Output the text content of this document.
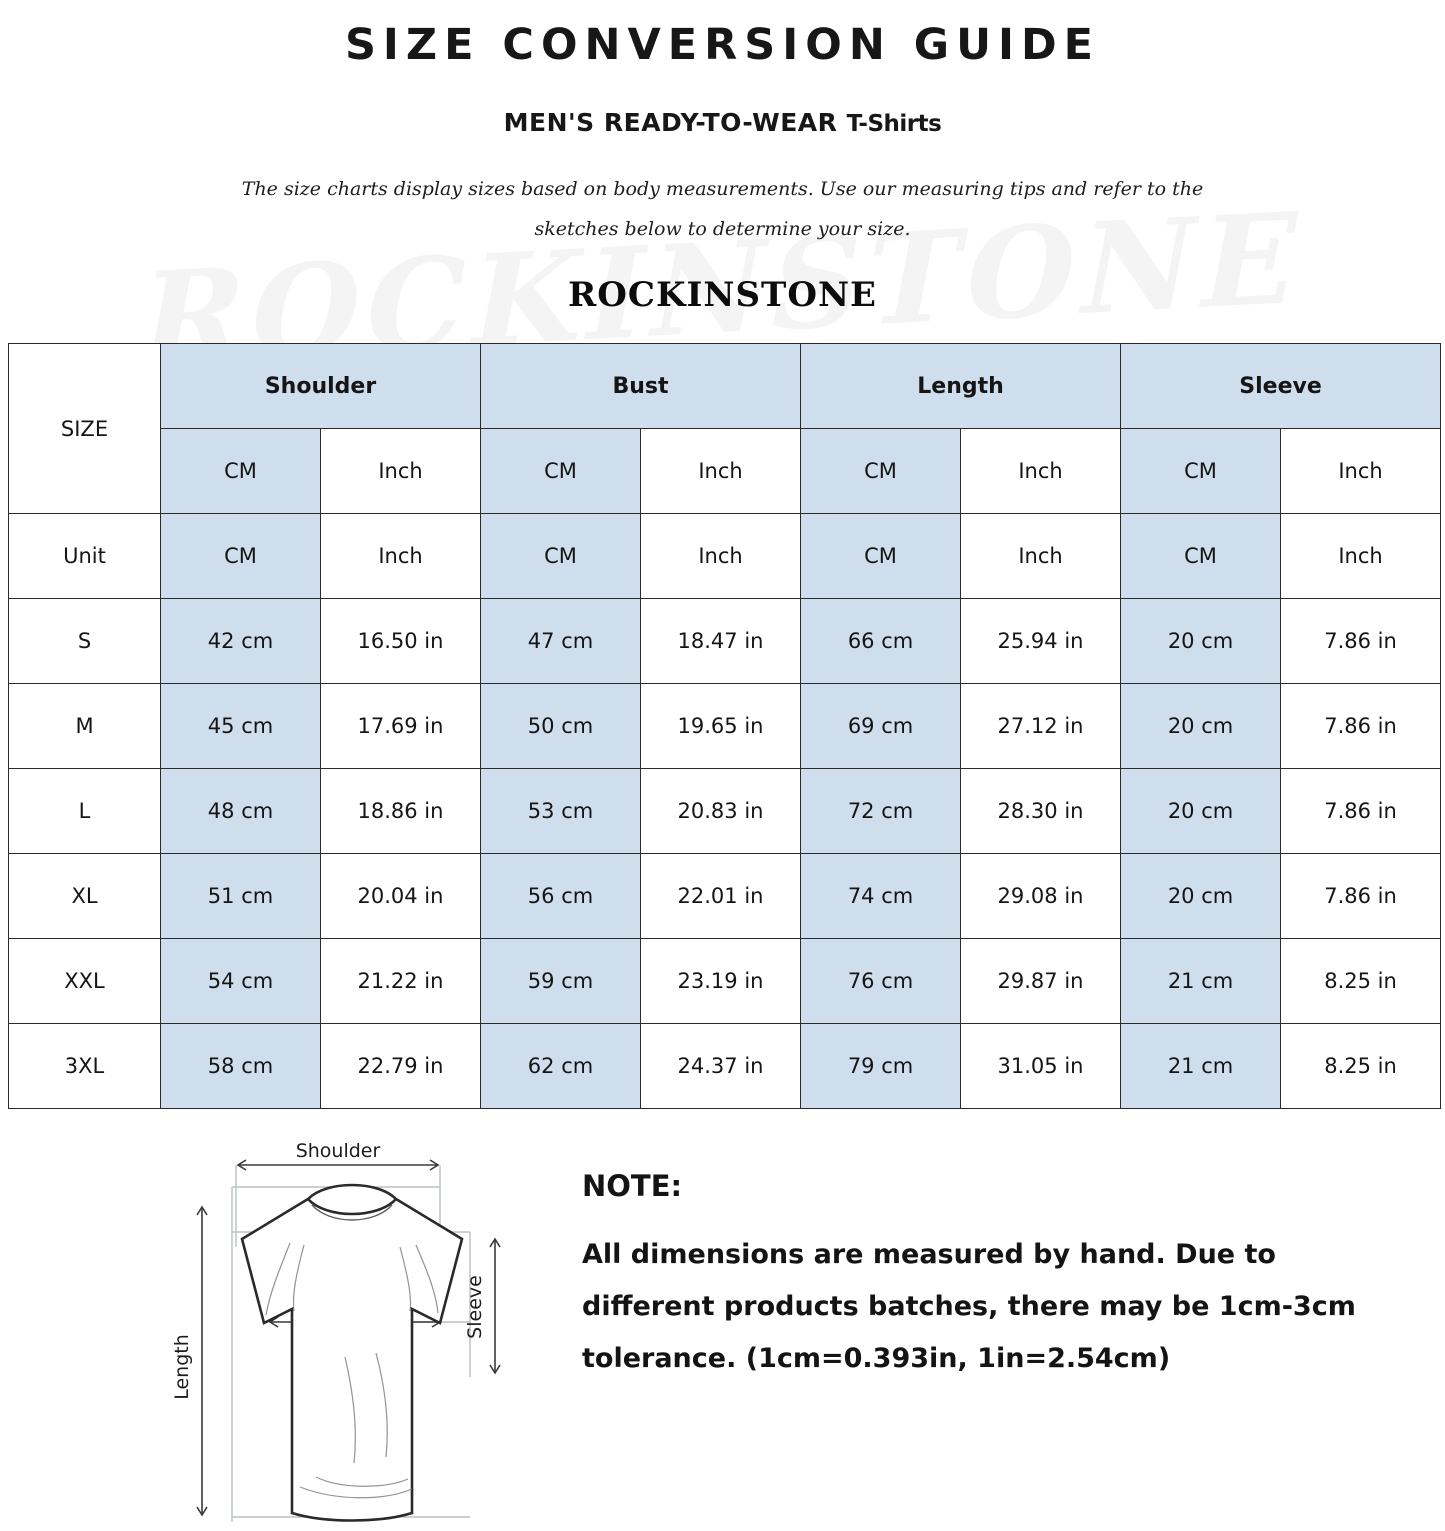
SIZE CONVERSION GUIDE
MEN'S READY-TO-WEAR T-Shirts
The size charts display sizes based on body measurements. Use our measuring tips and refer to the sketches below to determine your size.
ROCKINSTONE
SIZE	Shoulder		Bust		Length		Sleeve	
	CM	Inch	CM	Inch	CM	Inch	CM	Inch
Unit	CM	Inch	CM	Inch	CM	Inch	CM	Inch
S	42 cm	16.50 in	47 cm	18.47 in	66 cm	25.94 in	20 cm	7.86 in
M	45 cm	17.69 in	50 cm	19.65 in	69 cm	27.12 in	20 cm	7.86 in
L	48 cm	18.86 in	53 cm	20.83 in	72 cm	28.30 in	20 cm	7.86 in
XL	51 cm	20.04 in	56 cm	22.01 in	74 cm	29.08 in	20 cm	7.86 in
XXL	54 cm	21.22 in	59 cm	23.19 in	76 cm	29.87 in	21 cm	8.25 in
3XL	58 cm	22.79 in	62 cm	24.37 in	79 cm	31.05 in	21 cm	8.25 in
Shoulder
Length
Sleeve
NOTE:
All dimensions are measured by hand. Due to different products batches, there may be 1cm-3cm tolerance. (1cm=0.393in, 1in=2.54cm)
